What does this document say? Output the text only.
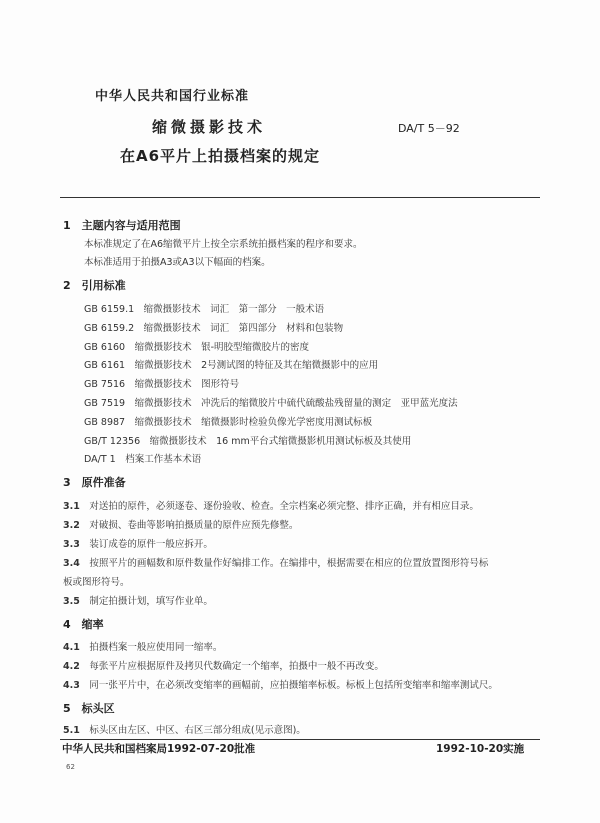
中华人民共和国行业标准
缩微摄影技术	DA/T 5－92
在A6平片上拍摄档案的规定
1　 主题内容与适用范围
本标准规定了在A6缩微平片上按全宗系统拍摄档案的程序和要求。
本标准适用于拍摄A3或A3以下幅面的档案。
2　 引用标准
GB 6159.1　缩微摄影技术　词汇　第一部分　一般术语
GB 6159.2　缩微摄影技术　词汇　第四部分　材料和包装物
GB 6160　缩微摄影技术　银-明胶型缩微胶片的密度
GB 6161　缩微摄影技术　2号测试图的特征及其在缩微摄影中的应用
GB 7516　缩微摄影技术　图形符号
GB 7519　缩微摄影技术　冲洗后的缩微胶片中硫代硫酸盐残留量的测定　亚甲蓝光度法
GB 8987　缩微摄影技术　缩微摄影时检验负像光学密度用测试标板
GB/T 12356　缩微摄影技术　16 mm平台式缩微摄影机用测试标板及其使用
DA/T 1　档案工作基本术语
3　 原件准备
3.1　 对送拍的原件，必须逐卷、逐份验收、检查。全宗档案必须完整、排序正确，并有相应目录。
3.2　 对破损、卷曲等影响拍摄质量的原件应预先修整。
3.3　 装订成卷的原件一般应拆开。
3.4　 按照平片的画幅数和原件数量作好编排工作。在编排中，根据需要在相应的位置放置图形符号标
板或图形符号。
3.5　 制定拍摄计划，填写作业单。
4　 缩率
4.1　 拍摄档案一般应使用同一缩率。
4.2　 每张平片应根据原件及拷贝代数确定一个缩率，拍摄中一般不再改变。
4.3　 同一张平片中，在必须改变缩率的画幅前，应拍摄缩率标板。标板上包括所变缩率和缩率测试尺。
5　 标头区
5.1　 标头区由左区、中区、右区三部分组成(见示意图)。
中华人民共和国档案局1992-07-20批准	1992-10-20实施
62
